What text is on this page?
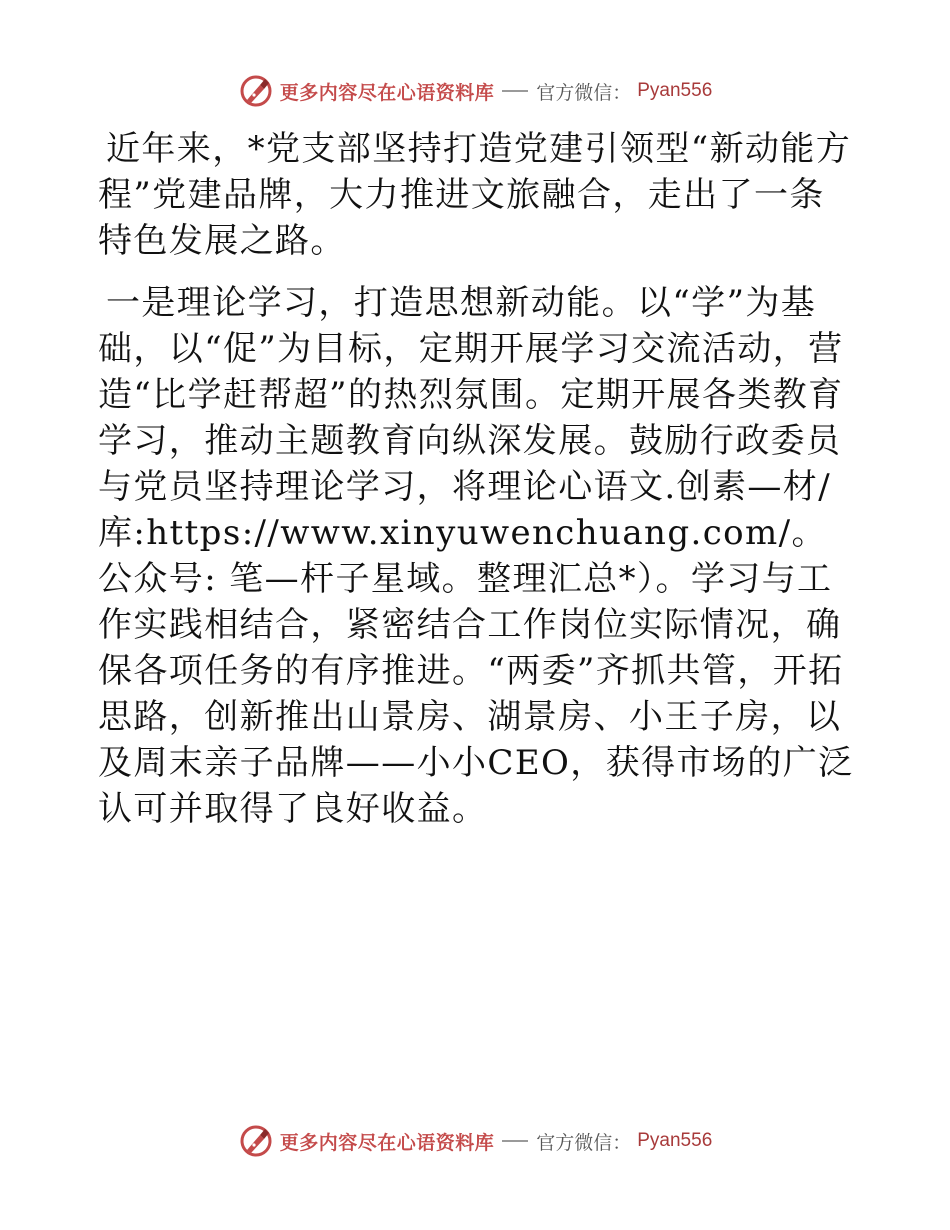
更多内容尽在心语资料库 官方微信： Pyan556

近年来，*党支部坚持打造党建引领型“新动能方程”党建品牌，大力推进文旅融合，走出了一条特色发展之路。

一是理论学习，打造思想新动能。以“学”为基础，以“促”为目标，定期开展学习交流活动，营造“比学赶帮超”的热烈氛围。定期开展各类教育学习，推动主题教育向纵深发展。鼓励行政委员与党员坚持理论学习，将理论心语文.创素—材/库:https://www.xinyuwenchuang.com/。公众号: 笔—杆子星域。整理汇总*）。学习与工作实践相结合，紧密结合工作岗位实际情况，确保各项任务的有序推进。“两委”齐抓共管，开拓思路，创新推出山景房、湖景房、小王子房，以及周末亲子品牌——小小CEO，获得市场的广泛认可并取得了良好收益。

更多内容尽在心语资料库 官方微信： Pyan556
